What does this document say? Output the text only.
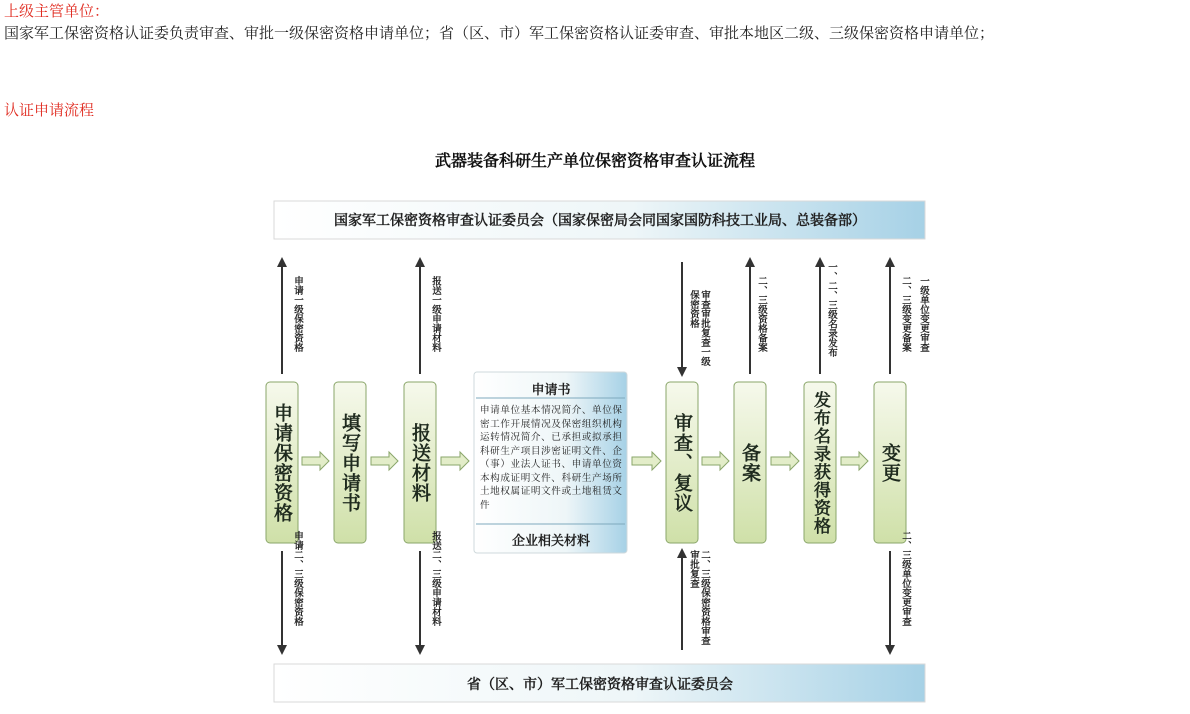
上级主管单位：
国家军工保密资格认证委负责审查、审批一级保密资格申请单位；省（区、市）军工保密资格认证委审查、审批本地区二级、三级保密资格申请单位；
认证申请流程
武器装备科研生产单位保密资格审查认证流程
国家军工保密资格审查认证委员会（国家保密局会同国家国防科技工业局、总装备部）
省（区、市）军工保密资格审查认证委员会
申请保密资格 填写申请书	报送材料	审查、复议 备案	发布名录获得资格	变更
申请书
申请单位基本情况简介、单位保密工作开展情况及保密组织机构运转情况简介、已承担或拟承担科研生产项目涉密证明文件、企（事）业法人证书、申请单位资本构成证明文件、科研生产场所土地权属证明文件或土地租赁文件
企业相关材料
申请一级保密资格	报送一级申请材料	审查审批复查一级保密资格	二、三级资格备案	一、二、三级名录发布	二、三级变更备案 一级单位变更审查
申请二、三级保密资格	报送二、三级申请材料	二、三级保密资格审查审批复查	二、三级单位变更审查
